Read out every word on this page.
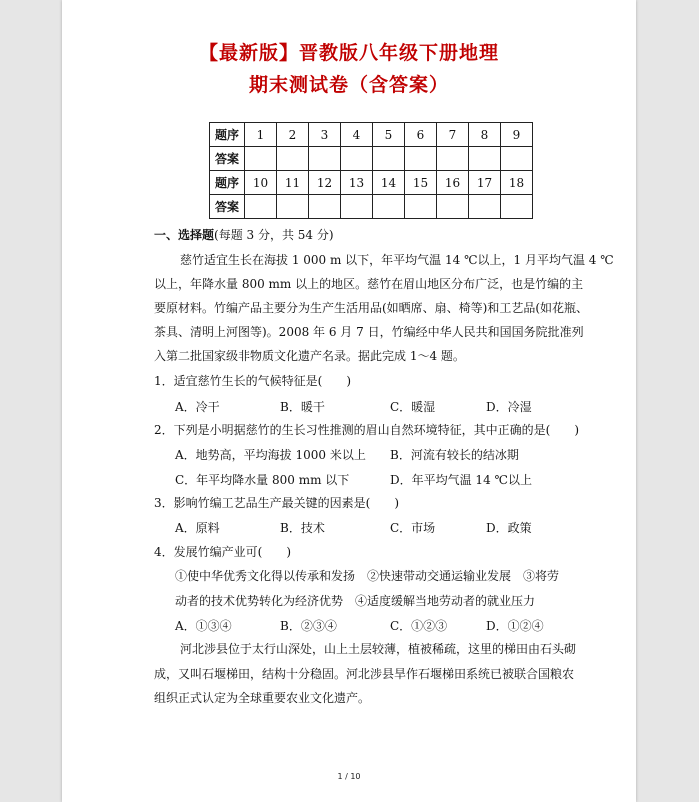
【最新版】晋教版八年级下册地理
期末测试卷（含答案）
题序	1	2	3	4	5	6	7	8	9
答案									
题序	10	11	12	13	14	15	16	17	18
答案									
一、选择题(每题 3 分，共 54 分)
慈竹适宜生长在海拔 1 000 m 以下，年平均气温 14 ℃以上，1 月平均气温 4 ℃
以上，年降水量 800 mm 以上的地区。慈竹在眉山地区分布广泛，也是竹编的主
要原材料。竹编产品主要分为生产生活用品(如晒席、扇、椅等)和工艺品(如花瓶、
茶具、清明上河图等)。2008 年 6 月 7 日，竹编经中华人民共和国国务院批准列
入第二批国家级非物质文化遗产名录。据此完成 1～4 题。
1．适宜慈竹生长的气候特征是(　　)
A．冷干	B．暖干	C．暖湿	D．冷湿
2．下列是小明据慈竹的生长习性推测的眉山自然环境特征，其中正确的是(　　)
A．地势高，平均海拔 1000 米以上 B．河流有较长的结冰期
C．年平均降水量 800 mm 以下	D．年平均气温 14 ℃以上
3．影响竹编工艺品生产最关键的因素是(　　)
A．原料	B．技术	C．市场	D．政策
4．发展竹编产业可(　　)
①使中华优秀文化得以传承和发扬　②快速带动交通运输业发展　③将劳
动者的技术优势转化为经济优势　④适度缓解当地劳动者的就业压力
A．①③④	B．②③④	C．①②③	D．①②④
河北涉县位于太行山深处，山上土层较薄，植被稀疏，这里的梯田由石头砌
成，又叫石堰梯田，结构十分稳固。河北涉县旱作石堰梯田系统已被联合国粮农
组织正式认定为全球重要农业文化遗产。
1 / 10
